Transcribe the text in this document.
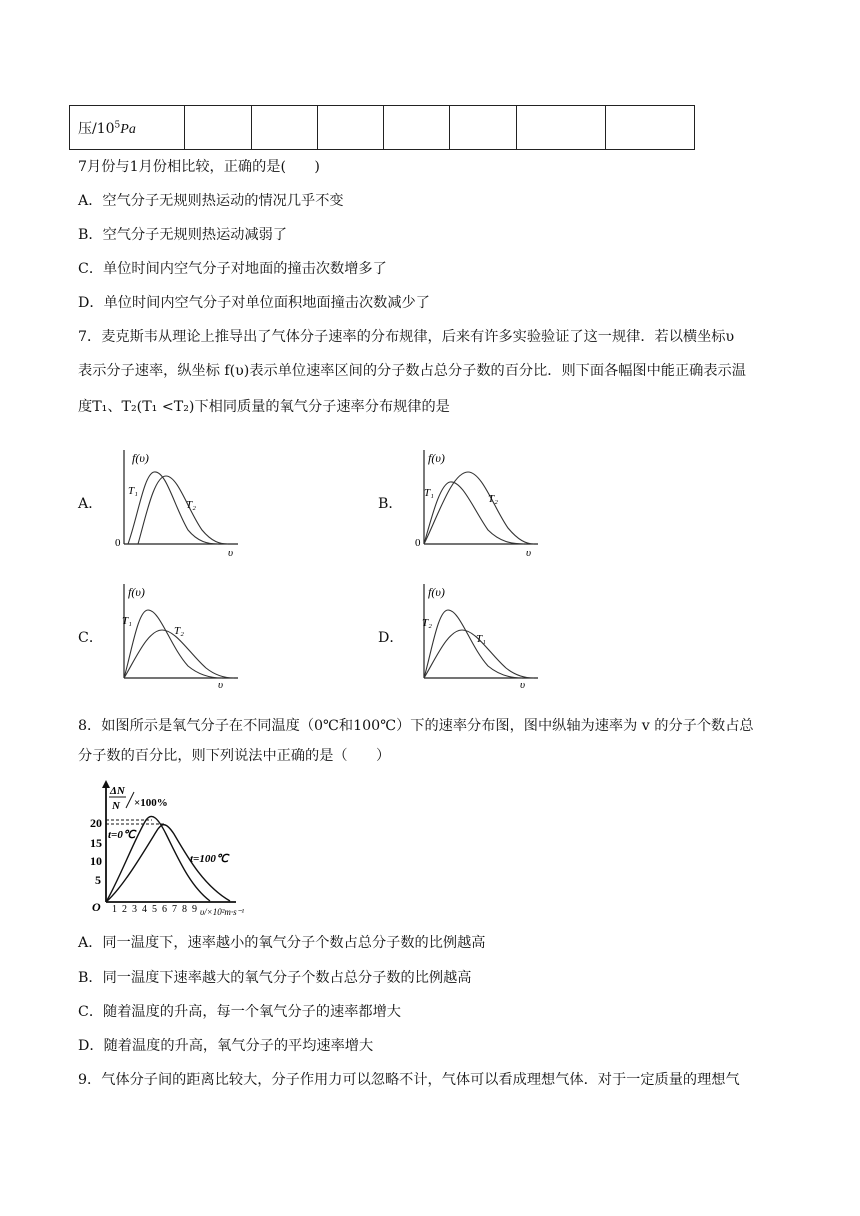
压$/10^5Pa$							
7月份与1月份相比较，正确的是(　　)
A．空气分子无规则热运动的情况几乎不变
B．空气分子无规则热运动减弱了
C．单位时间内空气分子对地面的撞击次数增多了
D．单位时间内空气分子对单位面积地面撞击次数减少了
7．麦克斯韦从理论上推导出了气体分子速率的分布规律，后来有许多实验验证了这一规律．若以横坐标υ
表示分子速率，纵坐标 f(υ)表示单位速率区间的分子数占总分子数的百分比．则下面各幅图中能正确表示温
度T₁、T₂(T₁ <T₂)下相同质量的氧气分子速率分布规律的是
A．	B．
C．	D．
f(υ)
0
υ
T₁
T₂
f(υ)
0
υ
T₁	T₂
f(υ)
υ
T₁
T₂
f(υ)
υ
T₂
T₁
8．如图所示是氧气分子在不同温度（0℃和100℃）下的速率分布图，图中纵轴为速率为 v 的分子个数占总
分子数的百分比，则下列说法中正确的是（　　）
ΔN
N ×100%
20
15
10
5
t=0℃
t=100℃
O 1 2 3 4 5 6 7 8 9 υ/×10²m·s⁻¹
A．同一温度下，速率越小的氧气分子个数占总分子数的比例越高
B．同一温度下速率越大的氧气分子个数占总分子数的比例越高
C．随着温度的升高，每一个氧气分子的速率都增大
D．随着温度的升高，氧气分子的平均速率增大
9．气体分子间的距离比较大，分子作用力可以忽略不计，气体可以看成理想气体．对于一定质量的理想气
